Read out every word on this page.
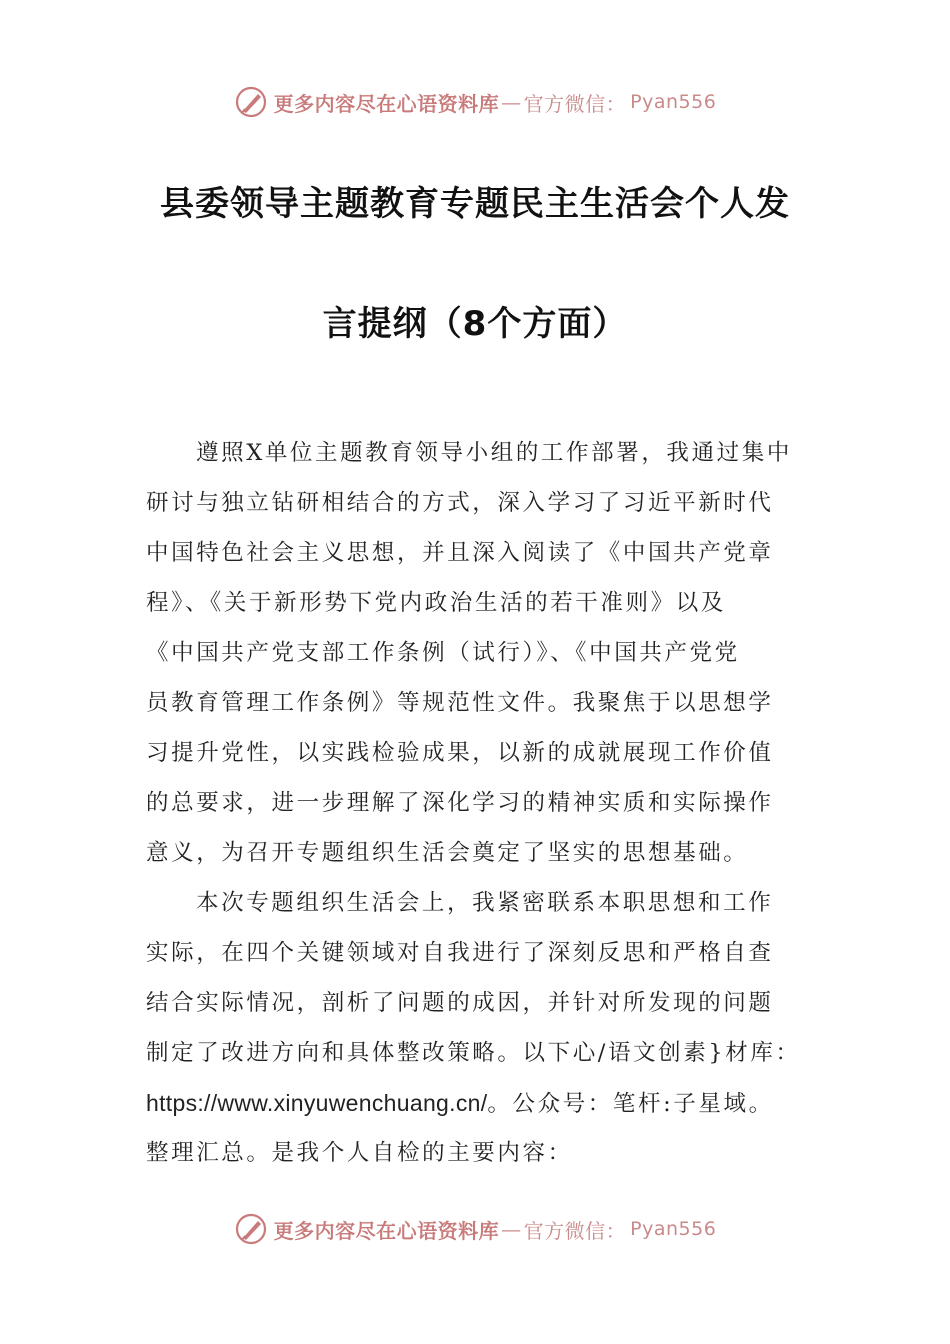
更多内容尽在心语资料库 — 官方微信： Pyan556
县委领导主题教育专题民主生活会个人发
言提纲（8个方面）
遵照X单位主题教育领导小组的工作部署，我通过集中
研讨与独立钻研相结合的方式，深入学习了习近平新时代
中国特色社会主义思想，并且深入阅读了《中国共产党章
程》、《关于新形势下党内政治生活的若干准则》以及
《中国共产党支部工作条例（试行）》、《中国共产党党
员教育管理工作条例》等规范性文件。我聚焦于以思想学
习提升党性，以实践检验成果，以新的成就展现工作价值
的总要求，进一步理解了深化学习的精神实质和实际操作
意义，为召开专题组织生活会奠定了坚实的思想基础。
本次专题组织生活会上，我紧密联系本职思想和工作
实际，在四个关键领域对自我进行了深刻反思和严格自查
结合实际情况，剖析了问题的成因，并针对所发现的问题
制定了改进方向和具体整改策略。以下心/语文创素}材库：
https://www.xinyuwenchuang.cn/。公众号：笔杆:子星域。
整理汇总。是我个人自检的主要内容：
更多内容尽在心语资料库 — 官方微信： Pyan556
